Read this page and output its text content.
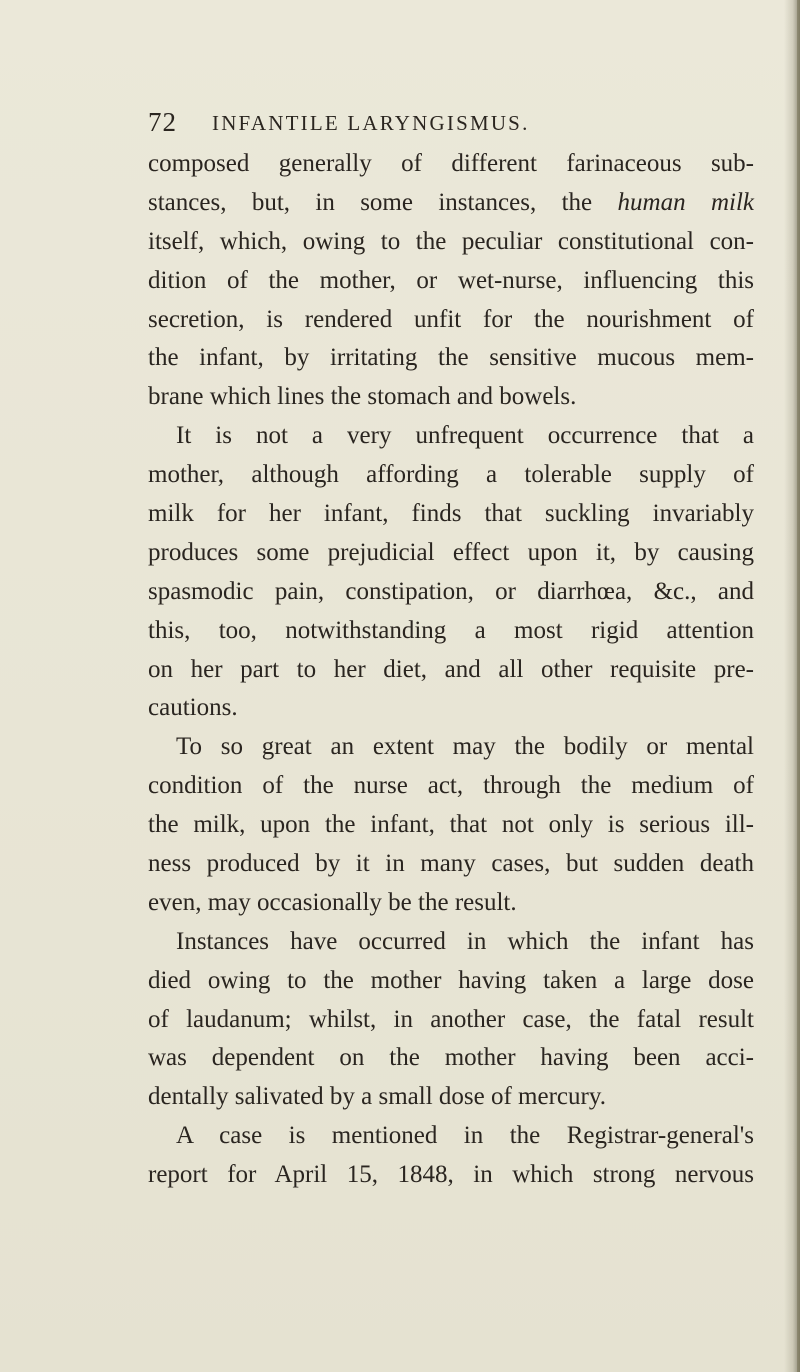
72 INFANTILE LARYNGISMUS.
composed generally of different farinaceous sub-
stances, but, in some instances, the human milk
itself, which, owing to the peculiar constitutional con-
dition of the mother, or wet-nurse, influencing this
secretion, is rendered unfit for the nourishment of
the infant, by irritating the sensitive mucous mem-
brane which lines the stomach and bowels.
It is not a very unfrequent occurrence that a
mother, although affording a tolerable supply of
milk for her infant, finds that suckling invariably
produces some prejudicial effect upon it, by causing
spasmodic pain, constipation, or diarrhœa, &c., and
this, too, notwithstanding a most rigid attention
on her part to her diet, and all other requisite pre-
cautions.
To so great an extent may the bodily or mental
condition of the nurse act, through the medium of
the milk, upon the infant, that not only is serious ill-
ness produced by it in many cases, but sudden death
even, may occasionally be the result.
Instances have occurred in which the infant has
died owing to the mother having taken a large dose
of laudanum; whilst, in another case, the fatal result
was dependent on the mother having been acci-
dentally salivated by a small dose of mercury.
A case is mentioned in the Registrar-general's
report for April 15, 1848, in which strong nervous
